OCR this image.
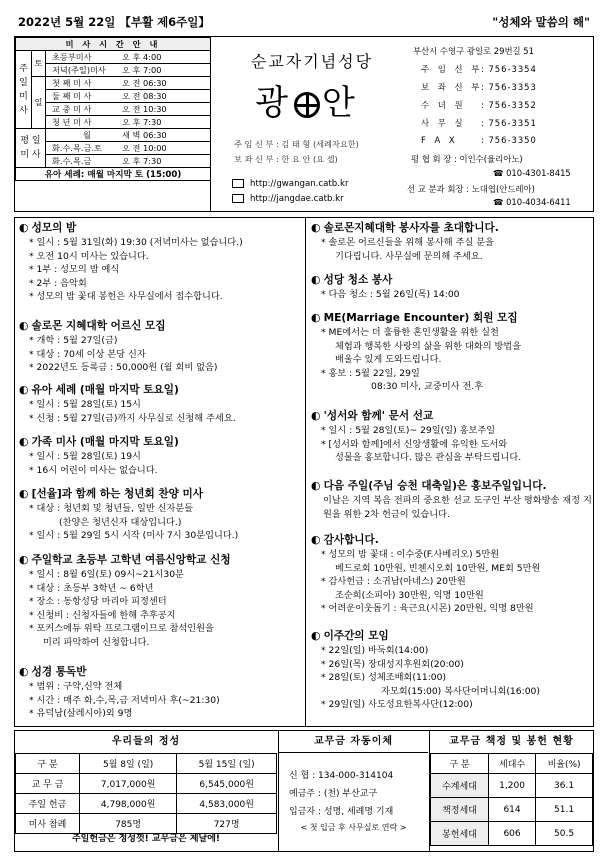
2022년 5월 22일 【부활 제6주일】	"성체와 말씀의 해"
미 사 시 간 안 내		
주
일
미
사	토	초등부미사 오 후 4:00
		저녁(주일)미사 오 후 7:00
	일	첫 째 미 사 오 전 06:30
		둘 째 미 사 오 전 08:30
		교 중 미 사 오 전 10:30
		청 년 미 사 오 후 7:30
평 일
미 사		월 새 벽 06:30
		화.수.목.금.토 오 전 10:00
		화.수.목.금 오 후 7:30
유아 세례: 매월 마지막 토 (15:00)		
순교자기념성당
광 안
주 임 신 부 : 김 태 형 (세례자요한)
보 좌 신 부 : 한 요 안 (요 셉)
http://gwangan.catb.kr
http://jangdae.catb.kr
부산시 수영구 광일로 29번길 51
주 임 신 부: 756-3354
보 좌 신 부: 756-3353
수 녀 원 : 756-3352
사 무 실 : 756-3351
F A X	: 756-3350
평 협 회 장 : 이인수(율리아노)
☎ 010-4301-8415
선 교 분과 회장 : 노대엽(안드레아)
☎ 010-4034-6411
◐ 성모의 밤
* 일시 : 5월 31일(화) 19:30 (저녁미사는 없습니다.)
* 오전 10시 미사는 있습니다.
* 1부 : 성모의 밤 예식
* 2부 : 음악회
* 성모의 밤 꽃대 봉헌은 사무실에서 접수합니다.
◐ 솔로몬 지혜대학 어르신 모집
* 개학 : 5월 27일(금)
* 대상 : 70세 이상 본당 신자
* 2022년도 등록금 : 50,000원 (월 회비 없음)
◐ 유아 세례 (매월 마지막 토요일)
* 일시 : 5월 28일(토) 15시
* 신청 : 5월 27일(금)까지 사무실로 신청해 주세요.
◐ 가족 미사 (매월 마지막 토요일)
* 일시 : 5월 28일(토) 19시
* 16시 어린이 미사는 없습니다.
◐ [선율]과 함께 하는 청년회 찬양 미사
* 대상 : 청년회 및 청년들, 일반 신자분들
(찬양은 청년신자 대상입니다.)
* 일시 : 5월 29일 5시 시작 (미사 7시 30분입니다.)
◐ 주일학교 초등부 고학년 여름신앙학교 신청
* 일시 : 8월 6일(토) 09시~21시30분
* 대상 : 초등부 3학년 ~ 6학년
* 장소 : 동항성당 마리아 피정센터
* 신청비 : 신청자들에 한해 추후공지
* 포커스에듀 위탁 프로그램이므로 참석인원을
미리 파악하여 신청합니다.
◐ 성경 통독반
* 범위 : 구약,신약 전체
* 시간 : 매주 화,수,목,금 저녁미사 후(~21:30)
* 유덕남(살레시아)외 9명
◐ 솔로몬지혜대학 봉사자를 초대합니다.
* 솔로몬 어르신들을 위해 봉사해 주실 분을
기다립니다. 사무실에 문의해 주세요.
◐ 성당 청소 봉사
* 다음 청소 : 5월 26일(목) 14:00
◐ ME(Marriage Encounter) 회원 모집
* ME에서는 더 훌륭한 혼인생활을 위한 실천
체험과 행복한 사랑의 삶을 위한 대화의 방법을
배울수 있게 도와드립니다.
* 홍보 : 5월 22일, 29일
08:30 미사, 교중미사 전.후
◐ '성서와 함께' 문서 선교
* 일시 : 5월 28일(토)~ 29일(일) 홍보주일
* [성서와 함께]에서 신앙생활에 유익한 도서와
성물을 홍보합니다. 많은 관심을 부탁드립니다.
◐ 다음 주일(주님 승천 대축일)은 홍보주일입니다.

이날은 지역 복음 전파의 중요한 선교 도구인 부산 평화방송 재정 지원을 위한 2차 헌금이 있습니다.

◐ 감사합니다.
* 성모의 밤 꽃대 : 이수중(F.사베리오) 5만원
베드로회 10만원, 빈첸시오회 10만원, ME회 5만원
* 감사헌금 : 소귀남(아네스) 20만원
조순희(소피아) 30만원, 익명 10만원
* 어려운이웃돕기 : 육근요(시몬) 20만원, 익명 8만원
◐ 이주간의 모임
* 22일(일) 바둑회(14:00)
* 26일(목) 장대성지후원회(20:00)
* 28일(토) 성체조배회(11:00)
자모회(15:00) 복사단어머니회(16:00)
* 29일(일) 사도성요한복사단(12:00)
우리들의 정성
구 분	5월 8일 (일)	5월 15일 (일)
교 무 금	7,017,000원	6,545,000원
주일 헌금	4,798,000원	4,583,000원
미사 참례	785명	727명
주일헌금은 정성껏! 교무금은 제날에!
교무금 자동이체
신 협 : 134-000-314104
예금주 : (천) 부산교구
입금자 : 성명, 세례명 기재
< 첫 입금 후 사무실로 연락 >
교무금 책정 및 봉헌 현황
구 분	세대수	비율(%)
수계세대	1,200	36.1
책정세대	614	51.1
봉헌세대	606	50.5
